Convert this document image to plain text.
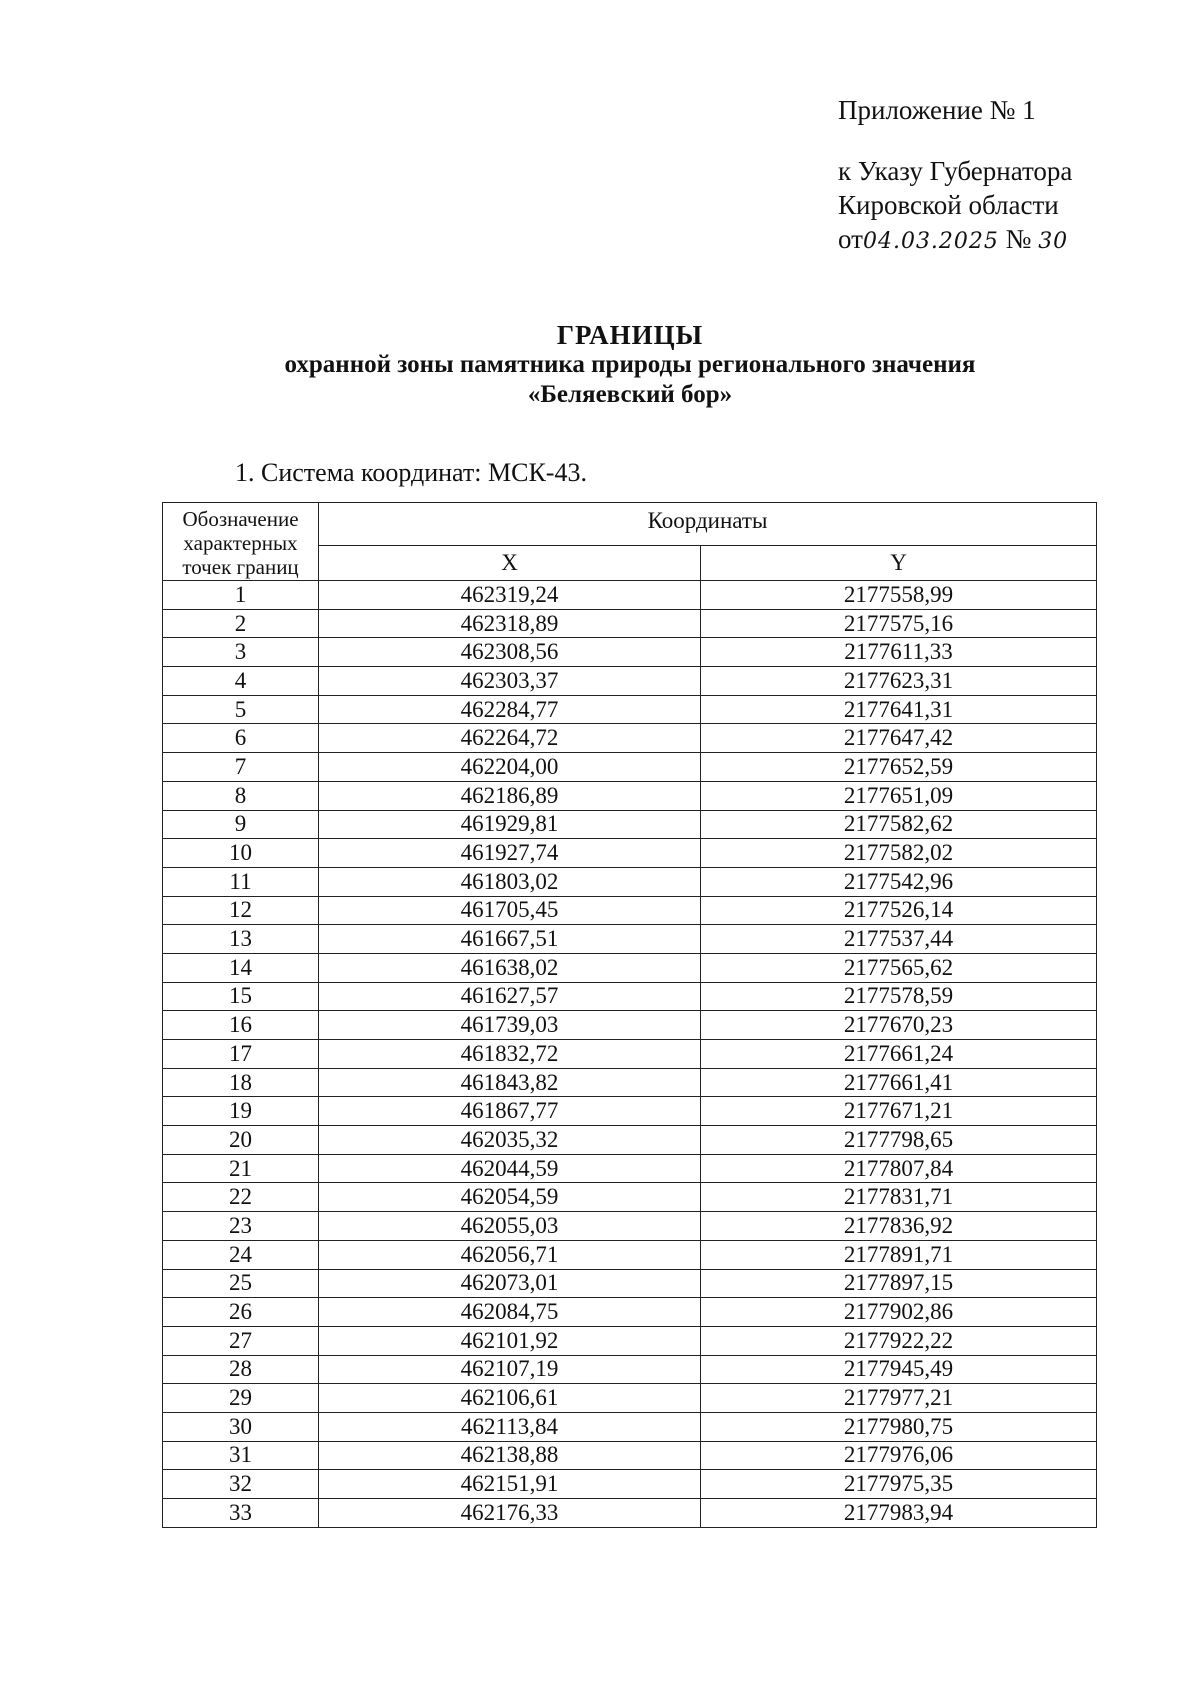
Приложение № 1
к Указу Губернатора
Кировской области
от04.03.2025 № 30
ГРАНИЦЫ
охранной зоны памятника природы регионального значения
«Беляевский бор»
1. Система координат: МСК-43.
Обозначение характерных точек границ	Координаты	
	X	Y
1	462319,24	2177558,99
2	462318,89	2177575,16
3	462308,56	2177611,33
4	462303,37	2177623,31
5	462284,77	2177641,31
6	462264,72	2177647,42
7	462204,00	2177652,59
8	462186,89	2177651,09
9	461929,81	2177582,62
10	461927,74	2177582,02
11	461803,02	2177542,96
12	461705,45	2177526,14
13	461667,51	2177537,44
14	461638,02	2177565,62
15	461627,57	2177578,59
16	461739,03	2177670,23
17	461832,72	2177661,24
18	461843,82	2177661,41
19	461867,77	2177671,21
20	462035,32	2177798,65
21	462044,59	2177807,84
22	462054,59	2177831,71
23	462055,03	2177836,92
24	462056,71	2177891,71
25	462073,01	2177897,15
26	462084,75	2177902,86
27	462101,92	2177922,22
28	462107,19	2177945,49
29	462106,61	2177977,21
30	462113,84	2177980,75
31	462138,88	2177976,06
32	462151,91	2177975,35
33	462176,33	2177983,94
